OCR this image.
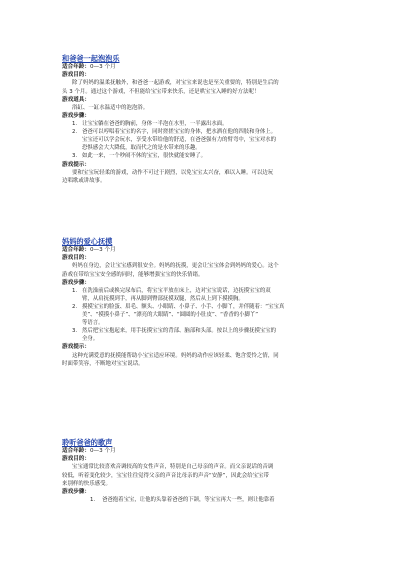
和爸爸一起泡泡乐

适合年龄：0—3 个月

游戏目的：

除了妈妈的温柔抚触外，和爸爸一起游戏，对宝宝来说也是至关重要的，特别是生后的

头 3 个月。通过这个游戏，不但能给宝宝带来快乐，还是哄宝宝入睡的好方法呢！

游戏道具：

浴缸、一缸水温适中的泡泡浴。

游戏步骤：

1. 让宝宝躺在爸爸的胸前，身体一半泡在水里，一半露出水面。
2. 爸爸可以哼唱着宝宝的名字，同时搓搓宝宝的身体，把水洒在他的四肢和身体上。
宝宝还可以学会玩水，享受水带给他的舒适，在爸爸强有力的臂弯中，宝宝对水的
恐惧感会大大降低，取而代之的是水带来的乐趣。
3. 如此一来，一个吵闹不休的宝宝，很快就能安睡了。

游戏提示：

要和宝宝玩轻柔的游戏，动作不可过于剧烈，以免宝宝太兴奋，难以入睡。可以边玩

边唱歌或讲故事。

妈妈的爱心抚摸

适合年龄：0—3 个月

游戏目的：

妈妈在身边，会让宝宝感到很安全。妈妈的抚摸，更会让宝宝体会到妈妈的爱心。这个

游戏在带给宝宝安全感的同时，能够增强宝宝的快乐情绪。

游戏步骤：

1. 在洗澡前后或换完尿布后，将宝宝平放在床上，边对宝宝说话，边抚摸宝宝的双
臂，从肩抚摸到手，再从脚到臀部抚摸双腿，然后从上到下摸摸胸。
2. 摸摸宝宝的脸蛋、眉毛、额头、小眼睛、小鼻子、小手、小脚丫，并伴随着：“宝宝真
美”、“摸摸小鼻子”、“漂亮的大眼睛”、“圆圆的小肚皮”、“香香的小脚丫”
等语言。
3. 然后把宝宝抱起来，用手抚摸宝宝的背部、脑部和头部。按以上的步骤抚摸宝宝的
全身。

游戏提示：

这种充满爱意的抚摸能帮助小宝宝适应环境。妈妈的动作应该轻柔、饱含爱怜之情，同

时面带笑容，不断地对宝宝说话。

聆听爸爸的歌声

适合年龄：0—3 个月

游戏目的：

宝宝通常比较喜欢音调较高的女性声音，特别是自己母亲的声音。而父亲说话的音调

较低，听着变化较少，宝宝往往觉得父亲的声音比母亲的声音“安静”，因此会给宝宝带

来别样的快乐感受。

游戏步骤：

1. 爸爸抱着宝宝，让他的头靠着爸爸的下颌，等宝宝再大一些，则让他靠着
